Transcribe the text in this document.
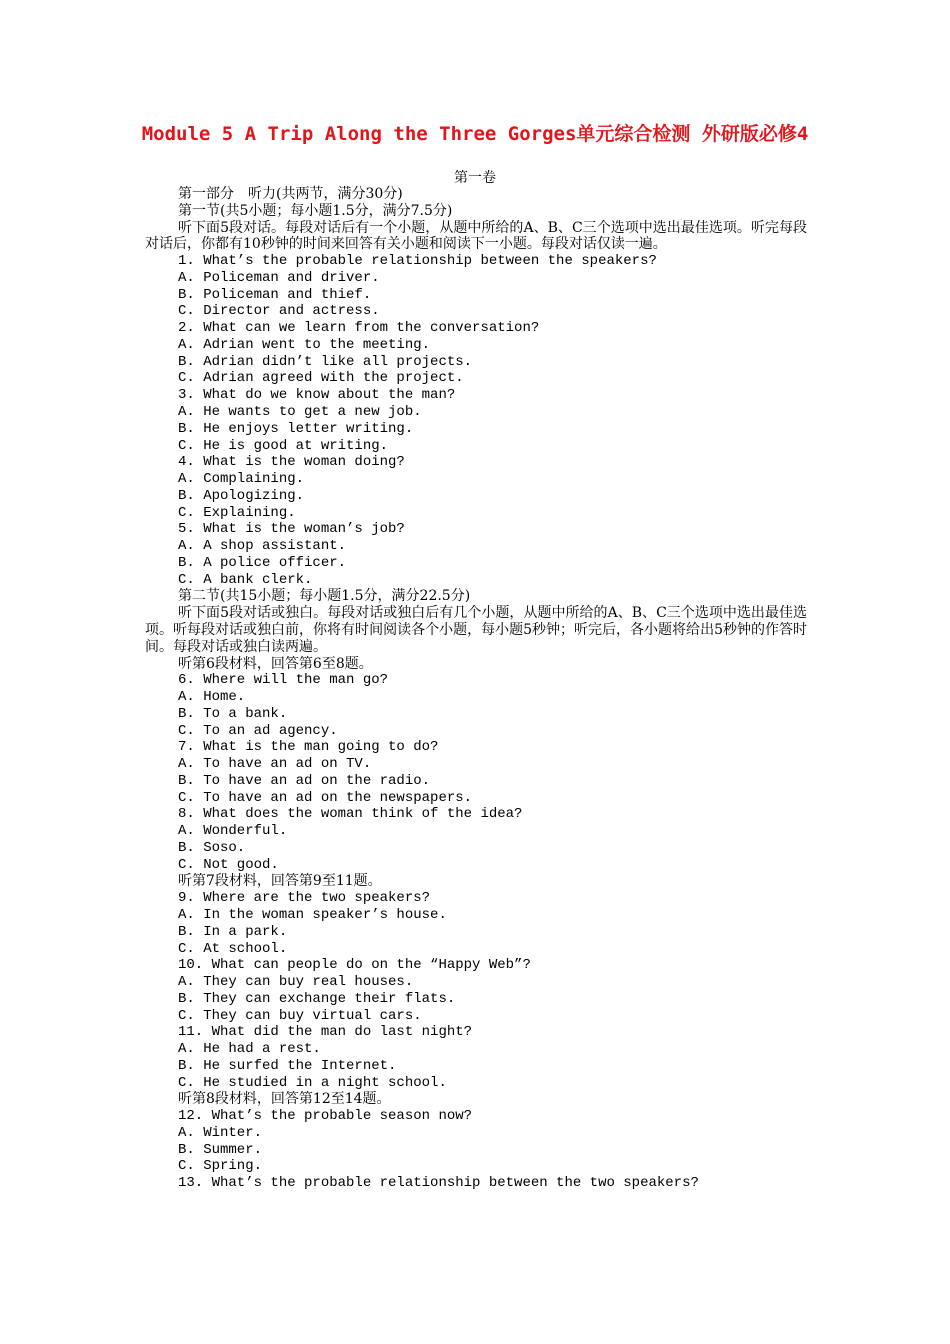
Module 5 A Trip Along the Three Gorges单元综合检测 外研版必修4
第一卷
第一部分　听力(共两节，满分30分)
第一节(共5小题；每小题1.5分，满分7.5分)
听下面5段对话。每段对话后有一个小题，从题中所给的A、B、C三个选项中选出最佳选项。听完每段对话后，你都有10秒钟的时间来回答有关小题和阅读下一小题。每段对话仅读一遍。
1. What’s the probable relationship between the speakers?
A. Policeman and driver.
B. Policeman and thief.
C. Director and actress.
2. What can we learn from the conversation?
A. Adrian went to the meeting.
B. Adrian didn’t like all projects.
C. Adrian agreed with the project.
3. What do we know about the man?
A. He wants to get a new job.
B. He enjoys letter writing.
C. He is good at writing.
4. What is the woman doing?
A. Complaining.
B. Apologizing.
C. Explaining.
5. What is the woman’s job?
A. A shop assistant.
B. A police officer.
C. A bank clerk.
第二节(共15小题；每小题1.5分，满分22.5分)
听下面5段对话或独白。每段对话或独白后有几个小题，从题中所给的A、B、C三个选项中选出最佳选项。听每段对话或独白前，你将有时间阅读各个小题，每小题5秒钟；听完后，各小题将给出5秒钟的作答时间。每段对话或独白读两遍。
听第6段材料，回答第6至8题。
6. Where will the man go?
A. Home.
B. To a bank.
C. To an ad agency.
7. What is the man going to do?
A. To have an ad on TV.
B. To have an ad on the radio.
C. To have an ad on the newspapers.
8. What does the woman think of the idea?
A. Wonderful.
B. Soso.
C. Not good.
听第7段材料，回答第9至11题。
9. Where are the two speakers?
A. In the woman speaker’s house.
B. In a park.
C. At school.
10. What can people do on the “Happy Web”?
A. They can buy real houses.
B. They can exchange their flats.
C. They can buy virtual cars.
11. What did the man do last night?
A. He had a rest.
B. He surfed the Internet.
C. He studied in a night school.
听第8段材料，回答第12至14题。
12. What’s the probable season now?
A. Winter.
B. Summer.
C. Spring.
13. What’s the probable relationship between the two speakers?
